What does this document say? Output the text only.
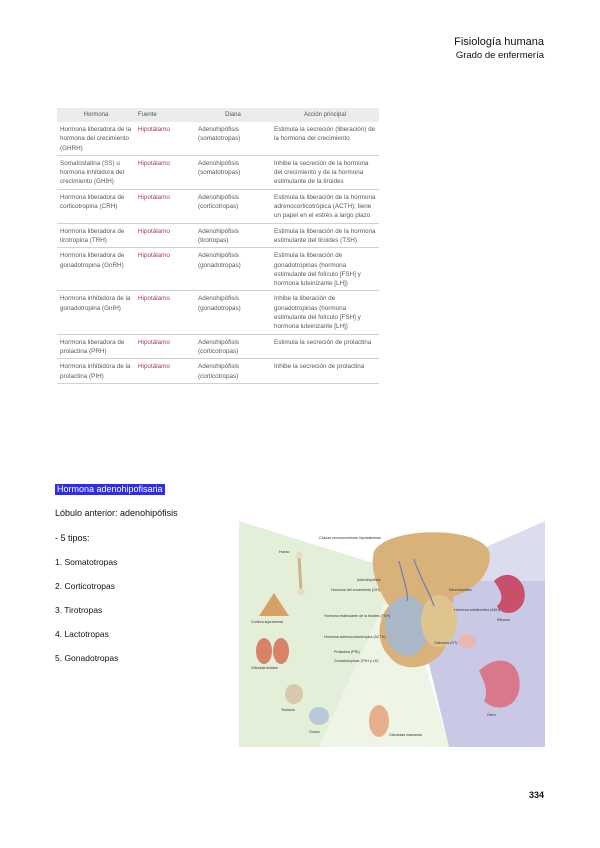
Fisiología humana
Grado de enfermería
Hormona	Fuente	Diana	Acción principal
Hormona liberadora de la hormona del crecimiento (GHRH)	Hipotálamo	Adenohipófisis (somatotropas)	Estimula la secreción (liberación) de la hormona del crecimiento
Somatostatina (SS) u hormona inhibidora del crecimiento (GHIH)	Hipotálamo	Adenohipófisis (somatotropas)	Inhibe la secreción de la hormona del crecimiento y de la hormona estimulante de la tiroides
Hormona liberadora de corticotropina (CRH)	Hipotálamo	Adenohipófisis (corticotropas)	Estimula la liberación de la hormona adrenocorticotrópica (ACTH); tiene un papel en el estrés a largo plazo
Hormona liberadora de tirotropina (TRH)	Hipotálamo	Adenohipófisis (tirotropas)	Estimula la liberación de la hormona estimulante del tiroides (TSH)
Hormona liberadora de gonadotropina (GnRH)	Hipotálamo	Adenohipófisis (gonadotropas)	Estimula la liberación de gonadotropinas (hormona estimulante del folículo [FSH] y hormona luteinizante [LH])
Hormona inhibidora de la gonadotropina (GnIH)	Hipotálamo	Adenohipófisis (gonadotropas)	Inhibe la liberación de gonadotropinas (hormona estimulante del folículo [FSH] y hormona luteinizante [LH])
Hormona liberadora de prolactina (PRH)	Hipotálamo	Adenohipófisis (corticotropas)	Estimula la secreción de prolactina
Hormona inhibidora de la prolactina (PIH)	Hipotálamo	Adenohipófisis (corticotropas)	Inhibe la secreción de prolactina
Hormona adenohipofisaria
Lóbulo anterior: adenohipófisis
- 5 tipos:
1. Somatotropas
2. Corticotropas
3. Tirotropas
4. Lactotropas
5. Gonadotropas
Células neurosecretoras hipotalámicas
Hueso
Adenohipófisis
Hormona del crecimiento (GH)
Hormona estimulante de la tiroides (TSH)
Hormona adrenocorticotrópica (ACTH)
Gonadotropinas (FSH y LH)
Prolactina (PRL)
Neurohipófisis
Hormona antidiurética (ADH)
Oxitocina (OT)
Corteza suprarrenal
Glándula tiroides
Testículo
Ovario
Glándulas mamarias
Útero
Riñones
334
